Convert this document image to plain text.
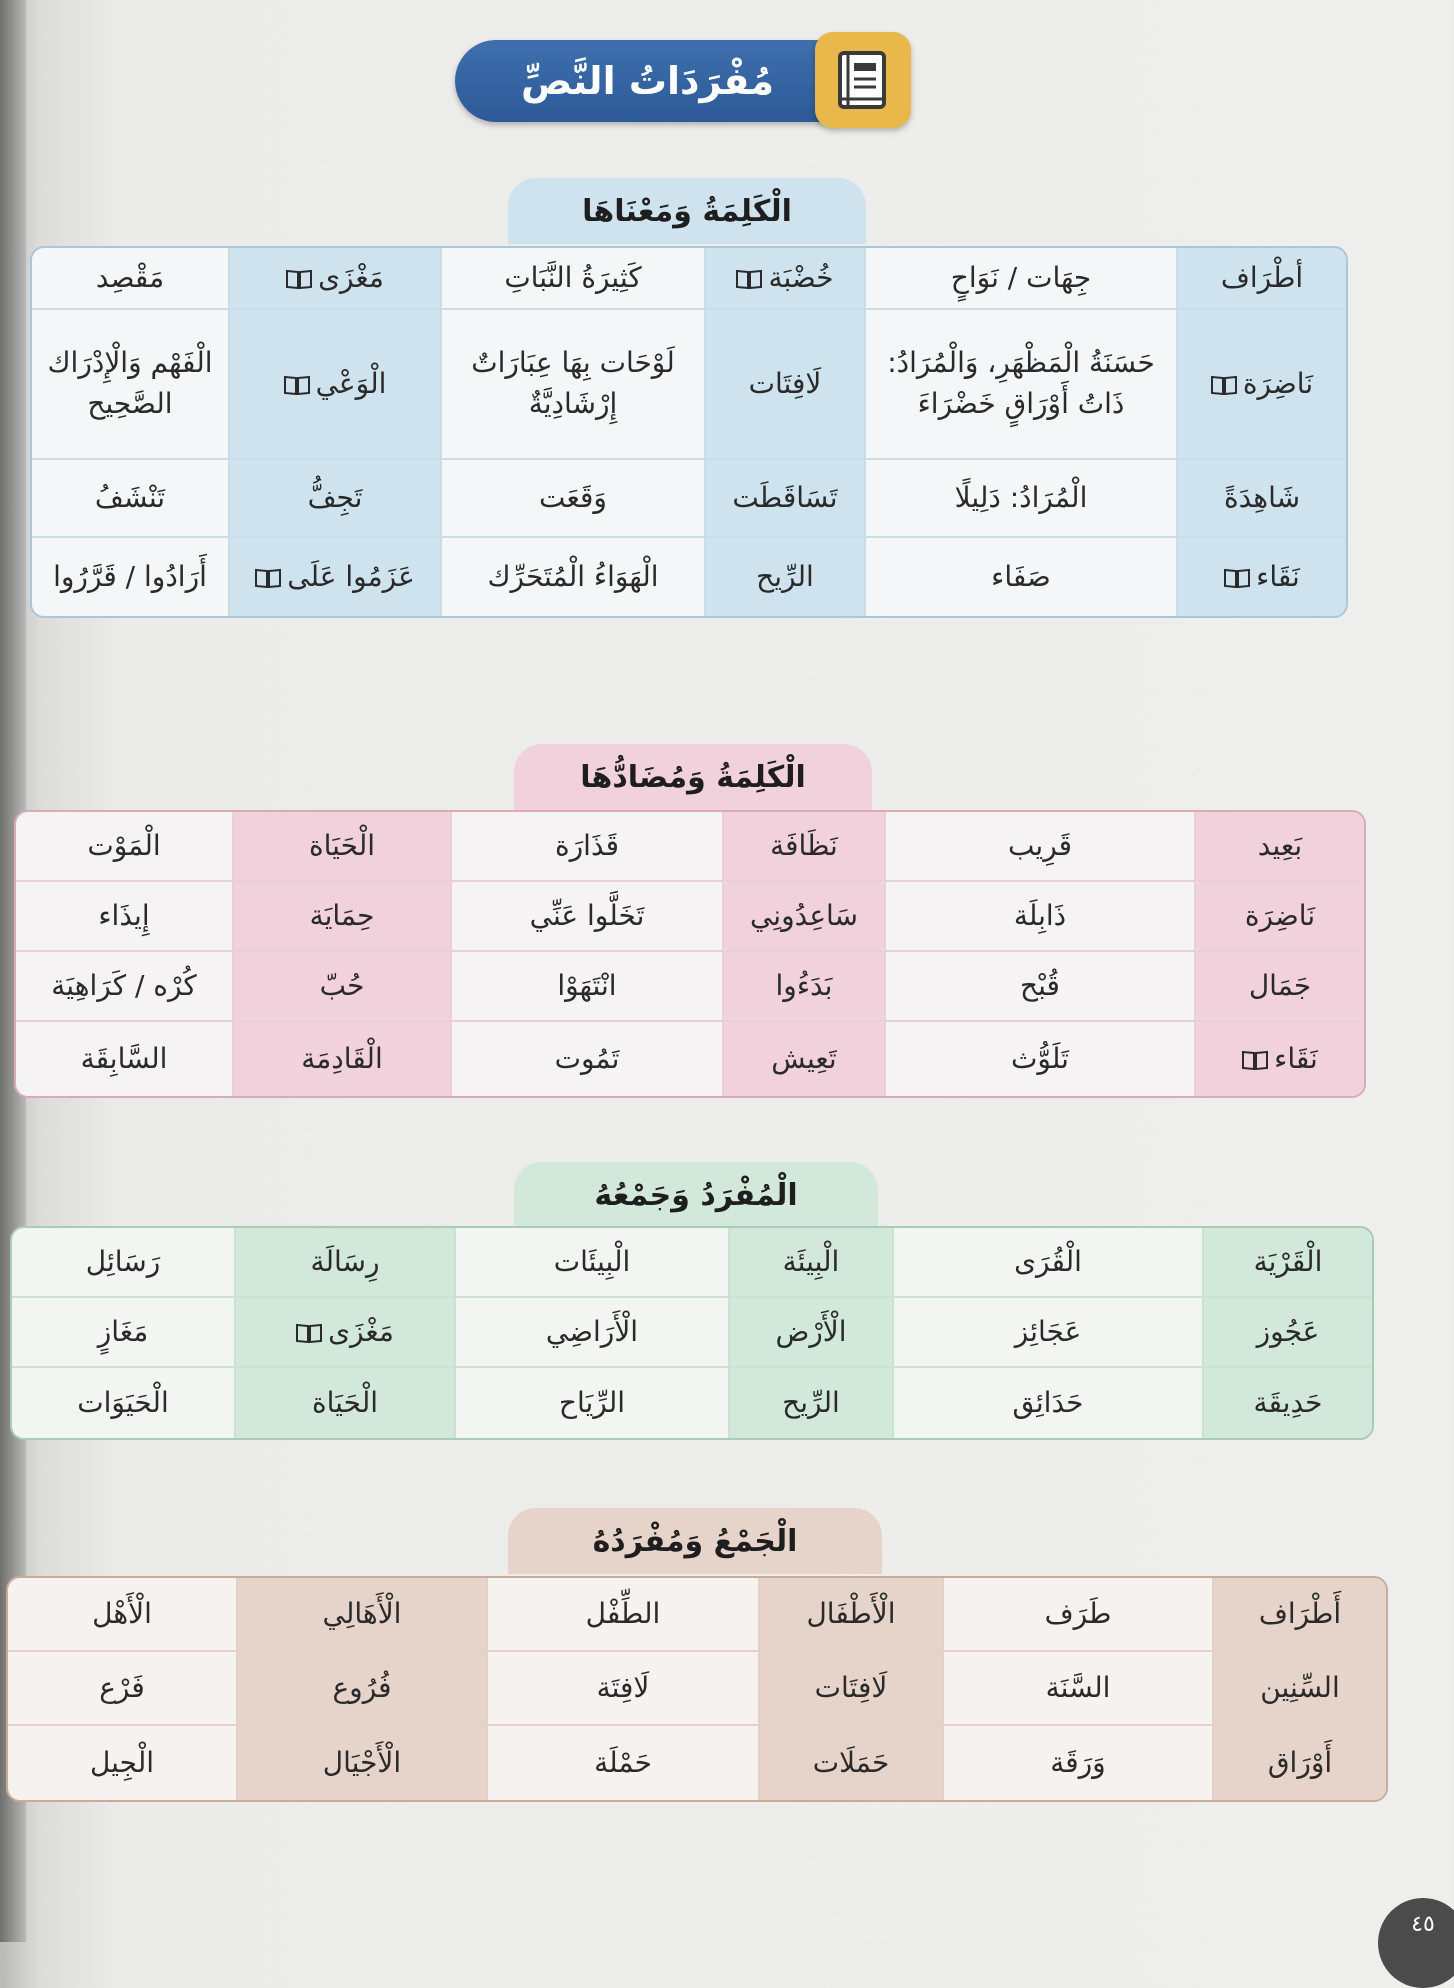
مُفْرَدَاتُ النَّصِّ
الْكَلِمَةُ وَمَعْنَاهَا
أطْرَاف	جِهَات / نَوَاحٍ	خُضْبَة	كَثِيرَةُ النَّبَاتِ	مَغْزَى	مَقْصِد
نَاضِرَة	حَسَنَةُ الْمَظْهَرِ، وَالْمُرَادُ: ذَاتُ أَوْرَاقٍ خَضْرَاءَ	لَافِتَات	لَوْحَات بِهَا عِبَارَاتٌ إِرْشَادِيَّةٌ	الْوَعْي	الْفَهْم وَالْإِدْرَاك الصَّحِيح
شَاهِدَةً	الْمُرَادُ: دَلِيلًا	تَسَاقَطَت	وَقَعَت	تَجِفُّ	تَنْشَفُ
نَقَاء	صَفَاء	الرِّيح	الْهَوَاءُ الْمُتَحَرِّك	عَزَمُوا عَلَى	أَرَادُوا / قَرَّرُوا
الْكَلِمَةُ وَمُضَادُّهَا
بَعِيد	قَرِيب	نَظَافَة	قَذَارَة	الْحَيَاة	الْمَوْت
نَاضِرَة	ذَابِلَة	سَاعِدُونِي	تَخَلَّوا عَنِّي	حِمَايَة	إِيذَاء
جَمَال	قُبْح	بَدَءُوا	انْتَهَوْا	حُبّ	كُرْه / كَرَاهِيَة
نَقَاء	تَلَوُّث	تَعِيش	تَمُوت	الْقَادِمَة	السَّابِقَة
الْمُفْرَدُ وَجَمْعُهُ
الْقَرْيَة	الْقُرَى	الْبِيئَة	الْبِيئَات	رِسَالَة	رَسَائِل
عَجُوز	عَجَائِز	الْأَرْض	الْأَرَاضِي	مَغْزَى	مَغَازٍ
حَدِيقَة	حَدَائِق	الرِّيح	الرِّيَاح	الْحَيَاة	الْحَيَوَات
الْجَمْعُ وَمُفْرَدُهُ
أَطْرَاف	طَرَف	الْأَطْفَال	الطِّفْل	الْأَهَالِي	الْأَهْل
السِّنِين	السَّنَة	لَافِتَات	لَافِتَة	فُرُوع	فَرْع
أَوْرَاق	وَرَقَة	حَمَلَات	حَمْلَة	الْأَجْيَال	الْجِيل
٤٥
